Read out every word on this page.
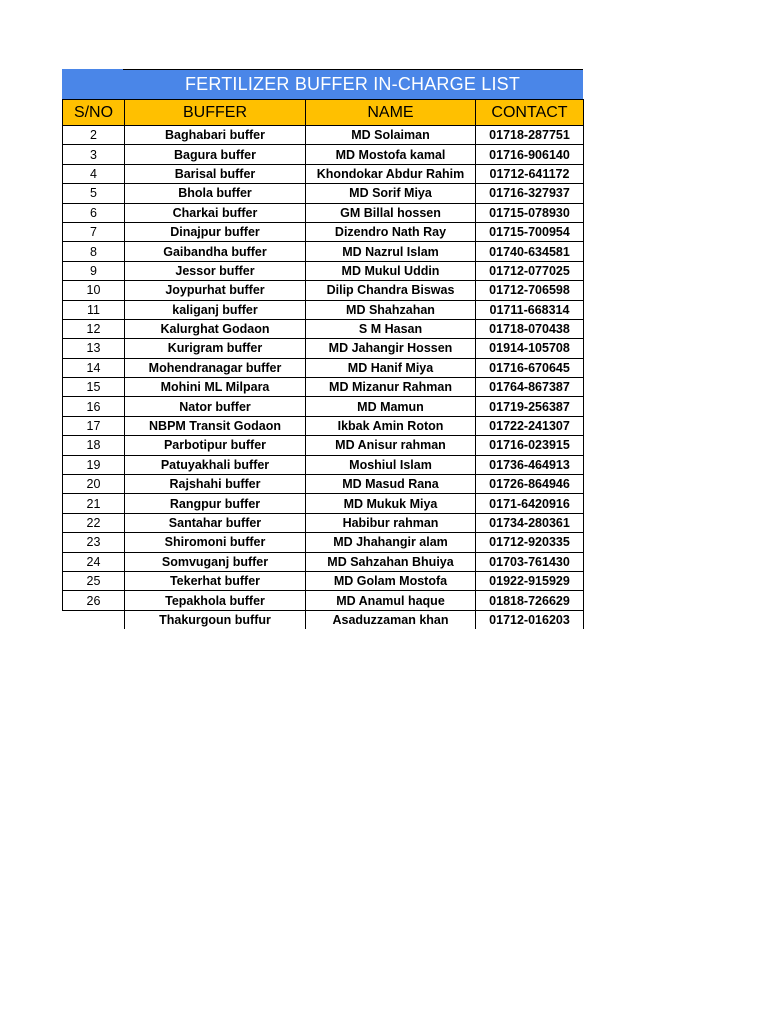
FERTILIZER BUFFER IN-CHARGE LIST
S/NO	BUFFER	NAME	CONTACT
2	Baghabari buffer	MD Solaiman	01718-287751
3	Bagura buffer	MD Mostofa kamal	01716-906140
4	Barisal buffer	Khondokar Abdur Rahim	01712-641172
5	Bhola buffer	MD Sorif Miya	01716-327937
6	Charkai buffer	GM Billal hossen	01715-078930
7	Dinajpur buffer	Dizendro Nath Ray	01715-700954
8	Gaibandha buffer	MD Nazrul Islam	01740-634581
9	Jessor buffer	MD Mukul Uddin	01712-077025
10	Joypurhat buffer	Dilip Chandra Biswas	01712-706598
11	kaliganj buffer	MD Shahzahan	01711-668314
12	Kalurghat Godaon	S M Hasan	01718-070438
13	Kurigram buffer	MD Jahangir Hossen	01914-105708
14	Mohendranagar buffer	MD Hanif Miya	01716-670645
15	Mohini ML Milpara	MD Mizanur Rahman	01764-867387
16	Nator buffer	MD Mamun	01719-256387
17	NBPM Transit Godaon	Ikbak Amin Roton	01722-241307
18	Parbotipur buffer	MD Anisur rahman	01716-023915
19	Patuyakhali buffer	Moshiul Islam	01736-464913
20	Rajshahi buffer	MD Masud Rana	01726-864946
21	Rangpur buffer	MD Mukuk Miya	0171-6420916
22	Santahar buffer	Habibur rahman	01734-280361
23	Shiromoni buffer	MD Jhahangir alam	01712-920335
24	Somvuganj buffer	MD Sahzahan Bhuiya	01703-761430
25	Tekerhat buffer	MD Golam Mostofa	01922-915929
26	Tepakhola buffer	MD Anamul haque	01818-726629
	Thakurgoun buffur	Asaduzzaman khan	01712-016203
